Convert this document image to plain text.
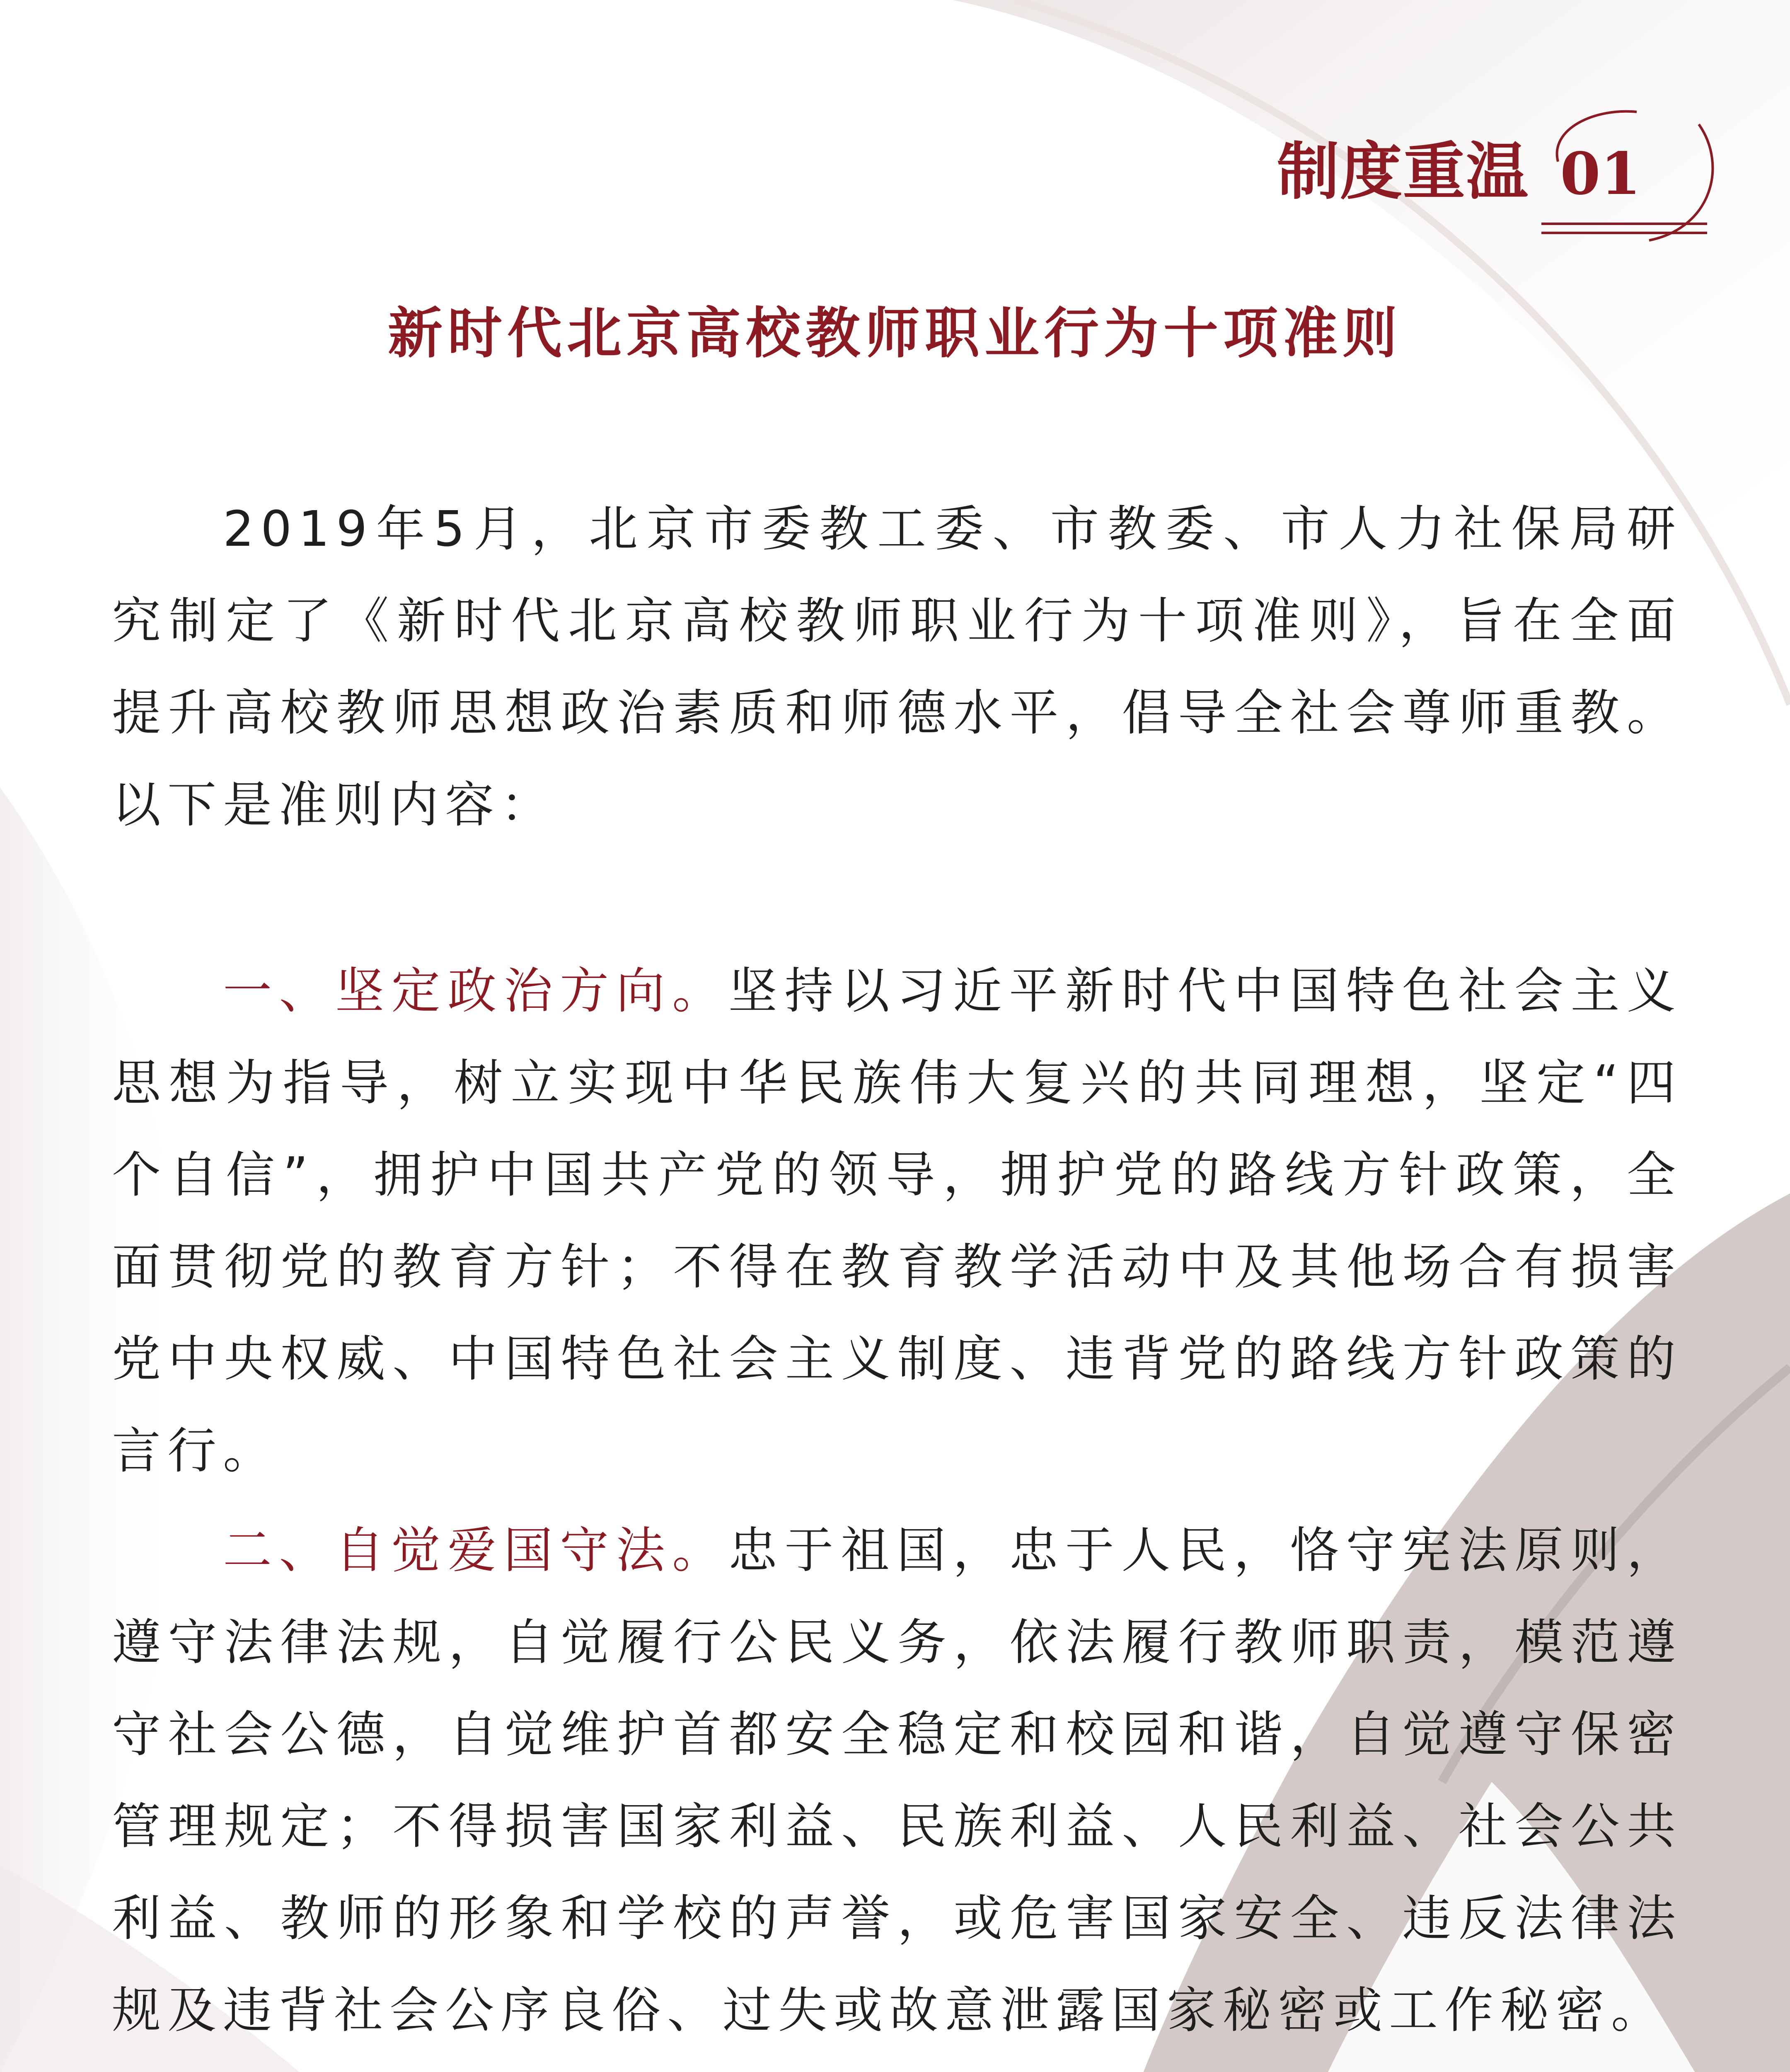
制度重温 01
新时代北京高校教师职业行为十项准则

2019年5月，北京市委教工委、市教委、市人力社保局研究制定了《新时代北京高校教师职业行为十项准则》，旨在全面提升高校教师思想政治素质和师德水平，倡导全社会尊师重教。以下是准则内容：

一、坚定政治方向。坚持以习近平新时代中国特色社会主义思想为指导，树立实现中华民族伟大复兴的共同理想，坚定“四个自信”，拥护中国共产党的领导，拥护党的路线方针政策，全面贯彻党的教育方针；不得在教育教学活动中及其他场合有损害党中央权威、中国特色社会主义制度、违背党的路线方针政策的言行。

二、自觉爱国守法。忠于祖国，忠于人民，恪守宪法原则，遵守法律法规，自觉履行公民义务，依法履行教师职责，模范遵守社会公德，自觉维护首都安全稳定和校园和谐，自觉遵守保密管理规定；不得损害国家利益、民族利益、人民利益、社会公共利益、教师的形象和学校的声誉，或危害国家安全、违反法律法规及违背社会公序良俗、过失或故意泄露国家秘密或工作秘密。
